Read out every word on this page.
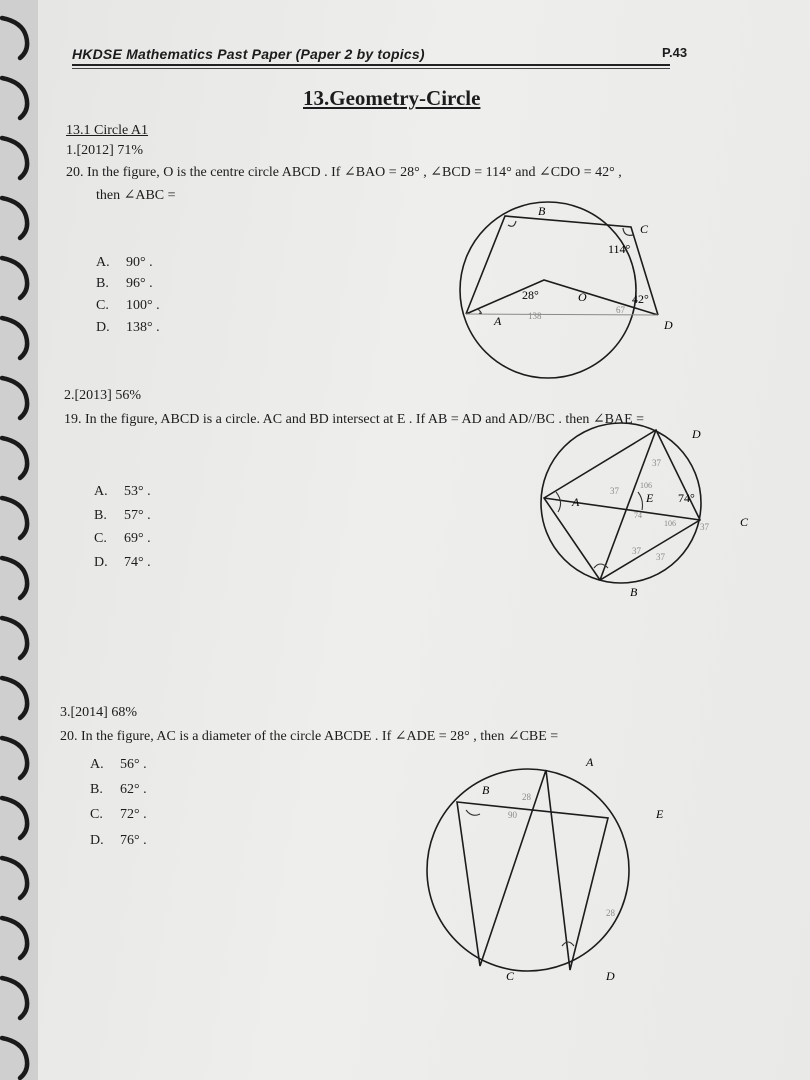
HKDSE Mathematics Past Paper (Paper 2 by topics)	P.43
13.Geometry-Circle
13.1 Circle A1
1.[2012] 71%
20. In the figure, O is the centre circle ABCD . If ∠BAO = 28° , ∠BCD = 114° and ∠CDO = 42° ,
then ∠ABC =
A. 90° .
B. 96° .
C. 100° .
D. 138° .
B
C
A	D
O
114°
28°	42°
138
67
2.[2013] 56%
19. In the figure, ABCD is a circle. AC and BD intersect at E . If AB = AD and AD//BC . then ∠BAE =
A. 53° .
B. 57° .
C. 69° .
D. 74° .
A
D
C
B
E 74°
37
37
106
74
106	37
37
37
3.[2014] 68%
20. In the figure, AC is a diameter of the circle ABCDE . If ∠ADE = 28° , then ∠CBE =
A. 56° .
B. 62° .
C. 72° .
D. 76° .
A
B
E
C	D
28
90
28
